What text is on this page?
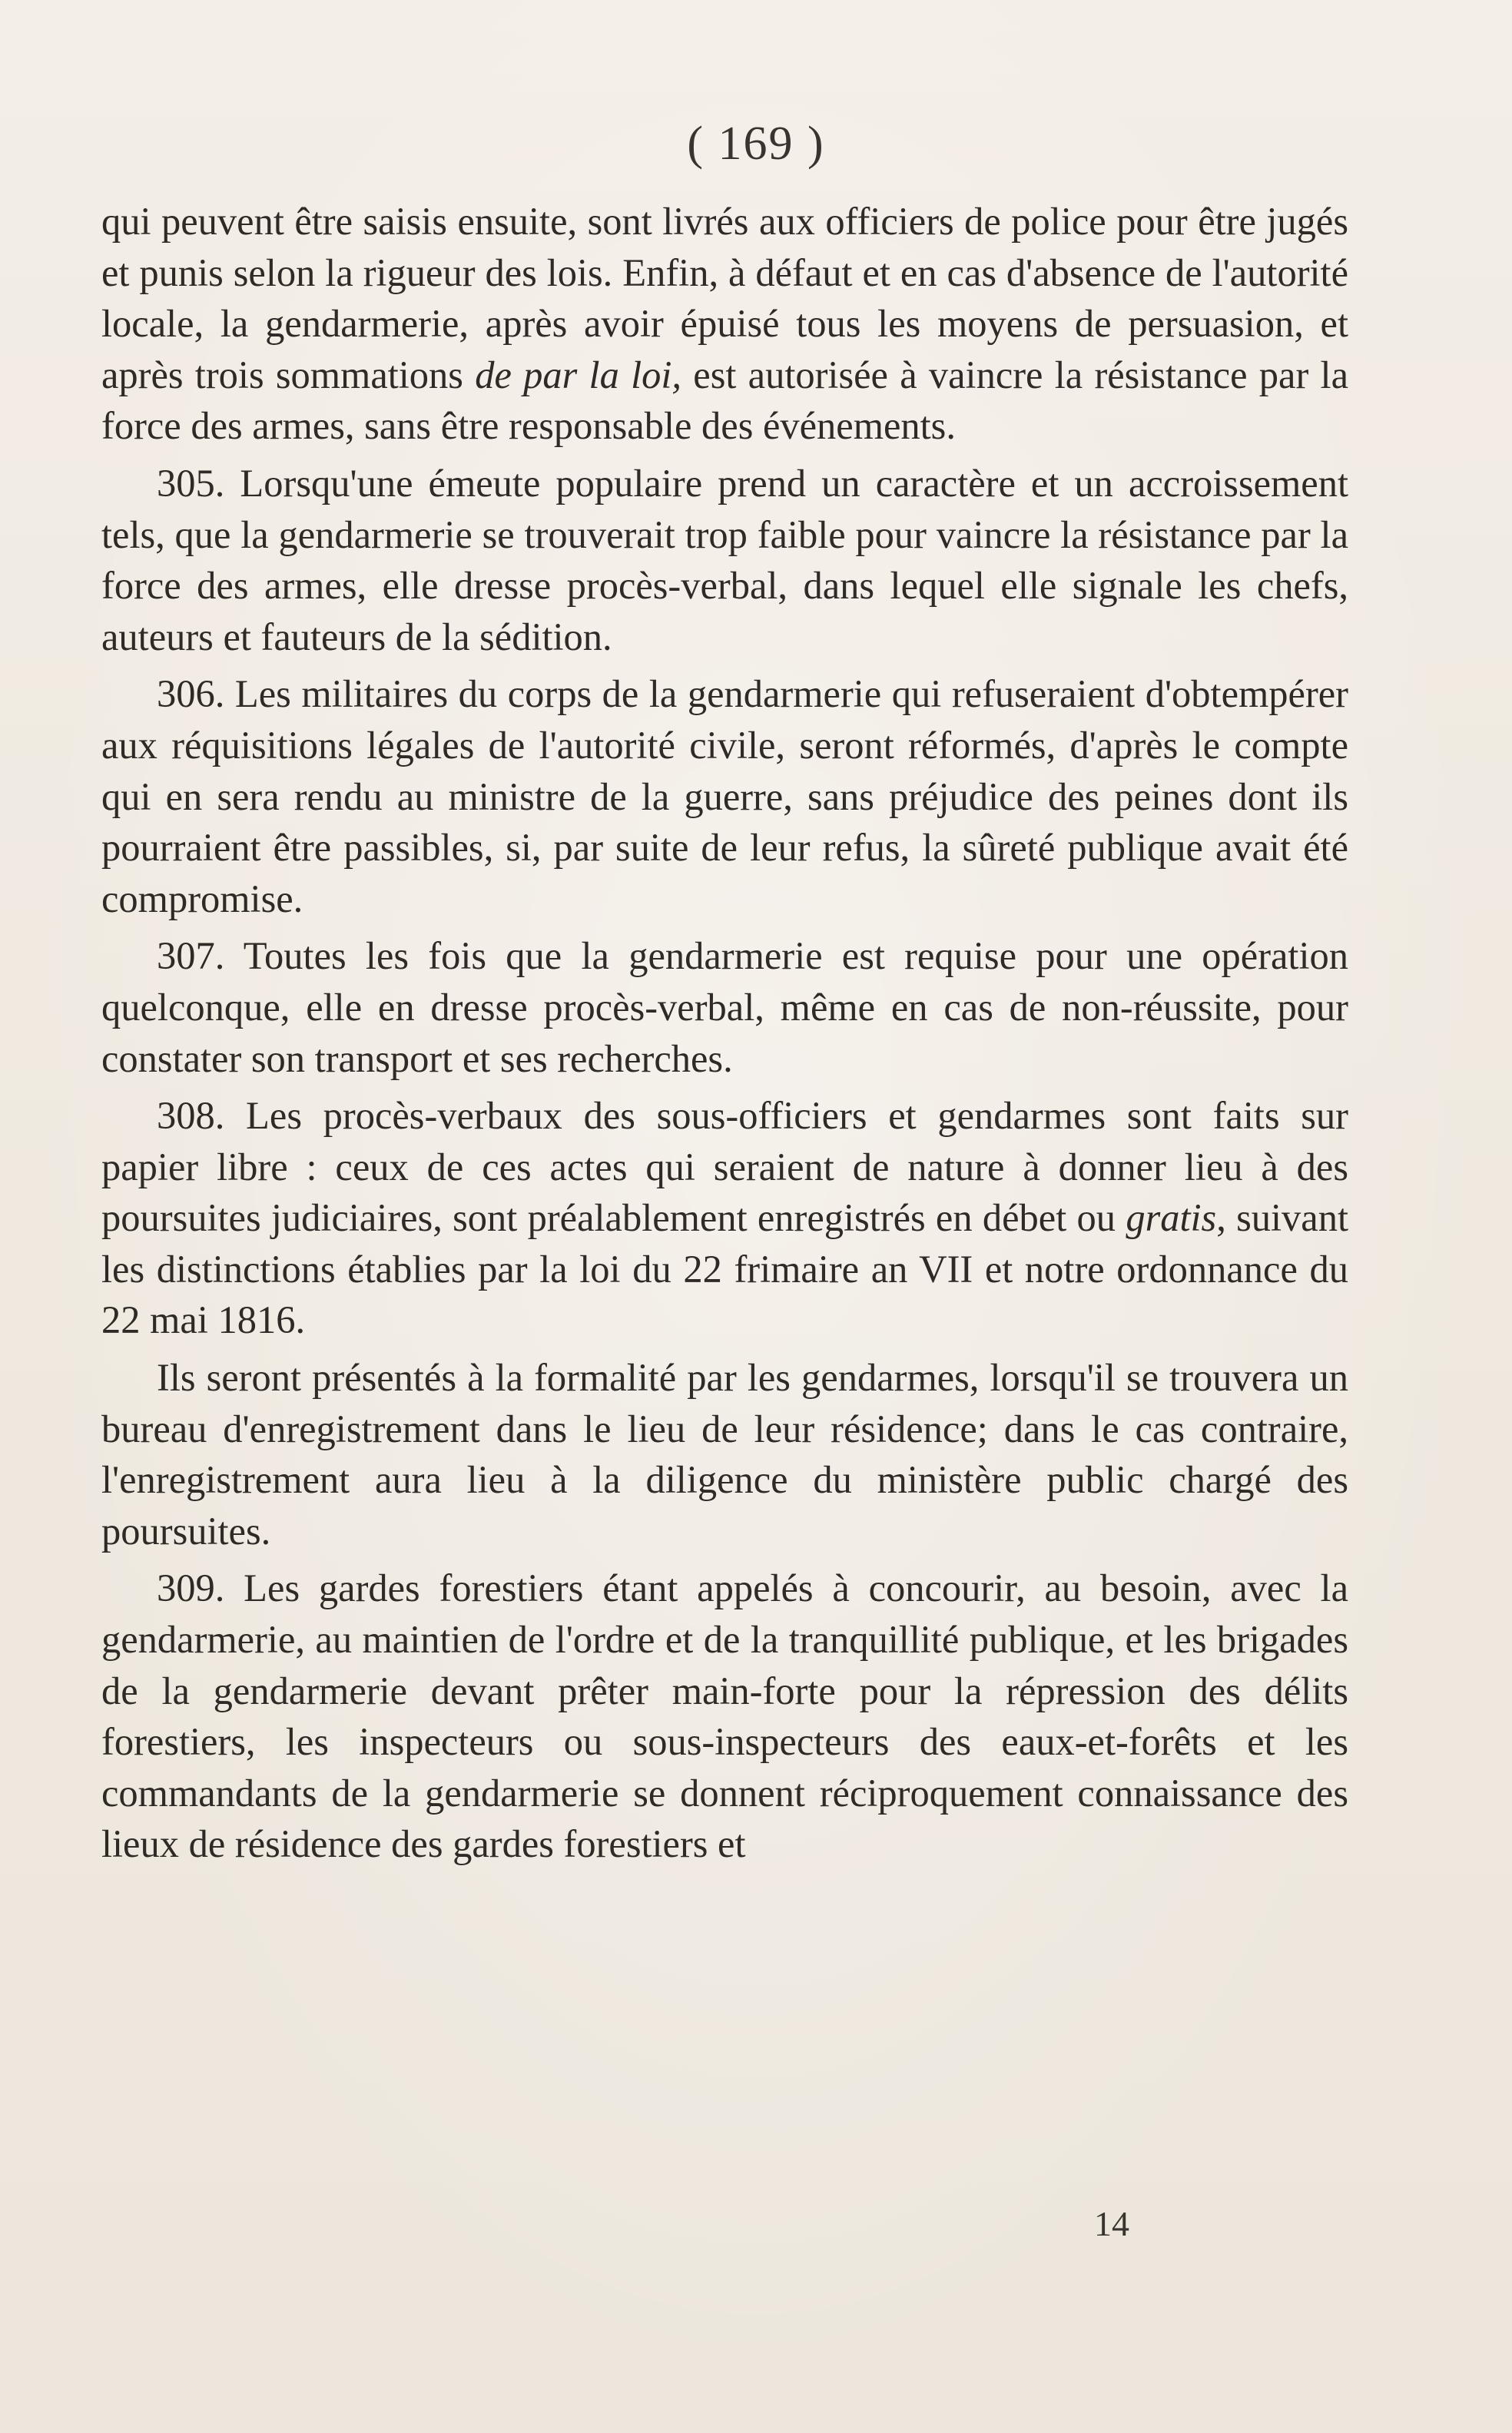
( 169 )

qui peuvent être saisis ensuite, sont livrés aux officiers de police pour être jugés et punis selon la rigueur des lois. Enfin, à défaut et en cas d'absence de l'autorité locale, la gendarmerie, après avoir épuisé tous les moyens de persuasion, et après trois sommations de par la loi, est autorisée à vaincre la résistance par la force des armes, sans être responsable des événements.

305. Lorsqu'une émeute populaire prend un caractère et un accroissement tels, que la gendarmerie se trouverait trop faible pour vaincre la résistance par la force des armes, elle dresse procès-verbal, dans lequel elle signale les chefs, auteurs et fauteurs de la sédition.

306. Les militaires du corps de la gendarmerie qui refuseraient d'obtempérer aux réquisitions légales de l'autorité civile, seront réformés, d'après le compte qui en sera rendu au ministre de la guerre, sans préjudice des peines dont ils pourraient être passibles, si, par suite de leur refus, la sûreté publique avait été compromise.

307. Toutes les fois que la gendarmerie est requise pour une opération quelconque, elle en dresse procès-verbal, même en cas de non-réussite, pour constater son transport et ses recherches.

308. Les procès-verbaux des sous-officiers et gendarmes sont faits sur papier libre : ceux de ces actes qui seraient de nature à donner lieu à des poursuites judiciaires, sont préalablement enregistrés en débet ou gratis, suivant les distinctions établies par la loi du 22 frimaire an VII et notre ordonnance du 22 mai 1816.

Ils seront présentés à la formalité par les gendarmes, lorsqu'il se trouvera un bureau d'enregistrement dans le lieu de leur résidence; dans le cas contraire, l'enregistrement aura lieu à la diligence du ministère public chargé des poursuites.

309. Les gardes forestiers étant appelés à concourir, au besoin, avec la gendarmerie, au maintien de l'ordre et de la tranquillité publique, et les brigades de la gendarmerie devant prêter main-forte pour la répression des délits forestiers, les inspecteurs ou sous-inspecteurs des eaux-et-forêts et les commandants de la gendarmerie se donnent réciproquement connaissance des lieux de résidence des gardes forestiers et

14
